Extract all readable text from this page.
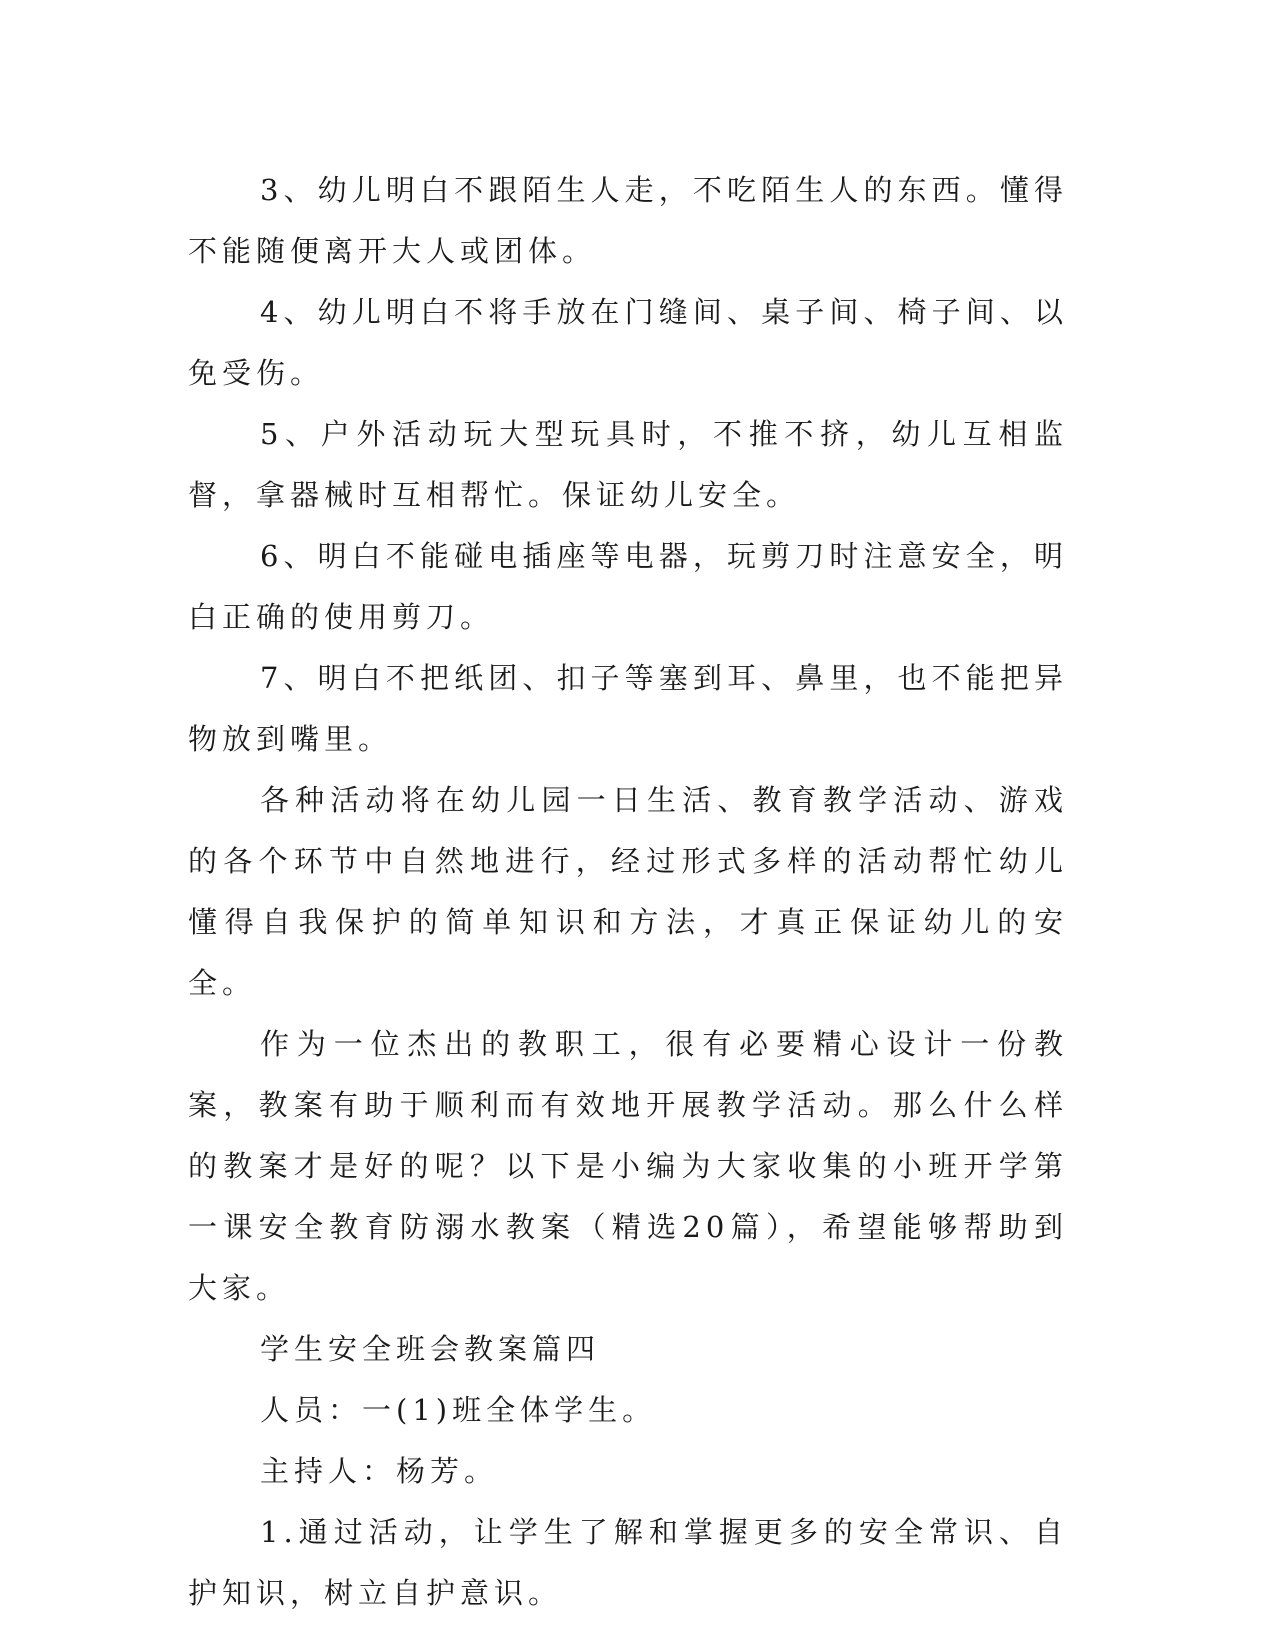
3、幼儿明白不跟陌生人走，不吃陌生人的东西。懂得不能随便离开大人或团体。

4、幼儿明白不将手放在门缝间、桌子间、椅子间、以免受伤。

5、户外活动玩大型玩具时，不推不挤，幼儿互相监督，拿器械时互相帮忙。保证幼儿安全。

6、明白不能碰电插座等电器，玩剪刀时注意安全，明白正确的使用剪刀。

7、明白不把纸团、扣子等塞到耳、鼻里，也不能把异物放到嘴里。

各种活动将在幼儿园一日生活、教育教学活动、游戏的各个环节中自然地进行，经过形式多样的活动帮忙幼儿懂得自我保护的简单知识和方法，才真正保证幼儿的安全。

作为一位杰出的教职工，很有必要精心设计一份教案，教案有助于顺利而有效地开展教学活动。那么什么样的教案才是好的呢？以下是小编为大家收集的小班开学第一课安全教育防溺水教案（精选20篇），希望能够帮助到大家。

学生安全班会教案篇四

人员：一(1)班全体学生。

主持人：杨芳。

1.通过活动，让学生了解和掌握更多的安全常识、自护知识，树立自护意识。
